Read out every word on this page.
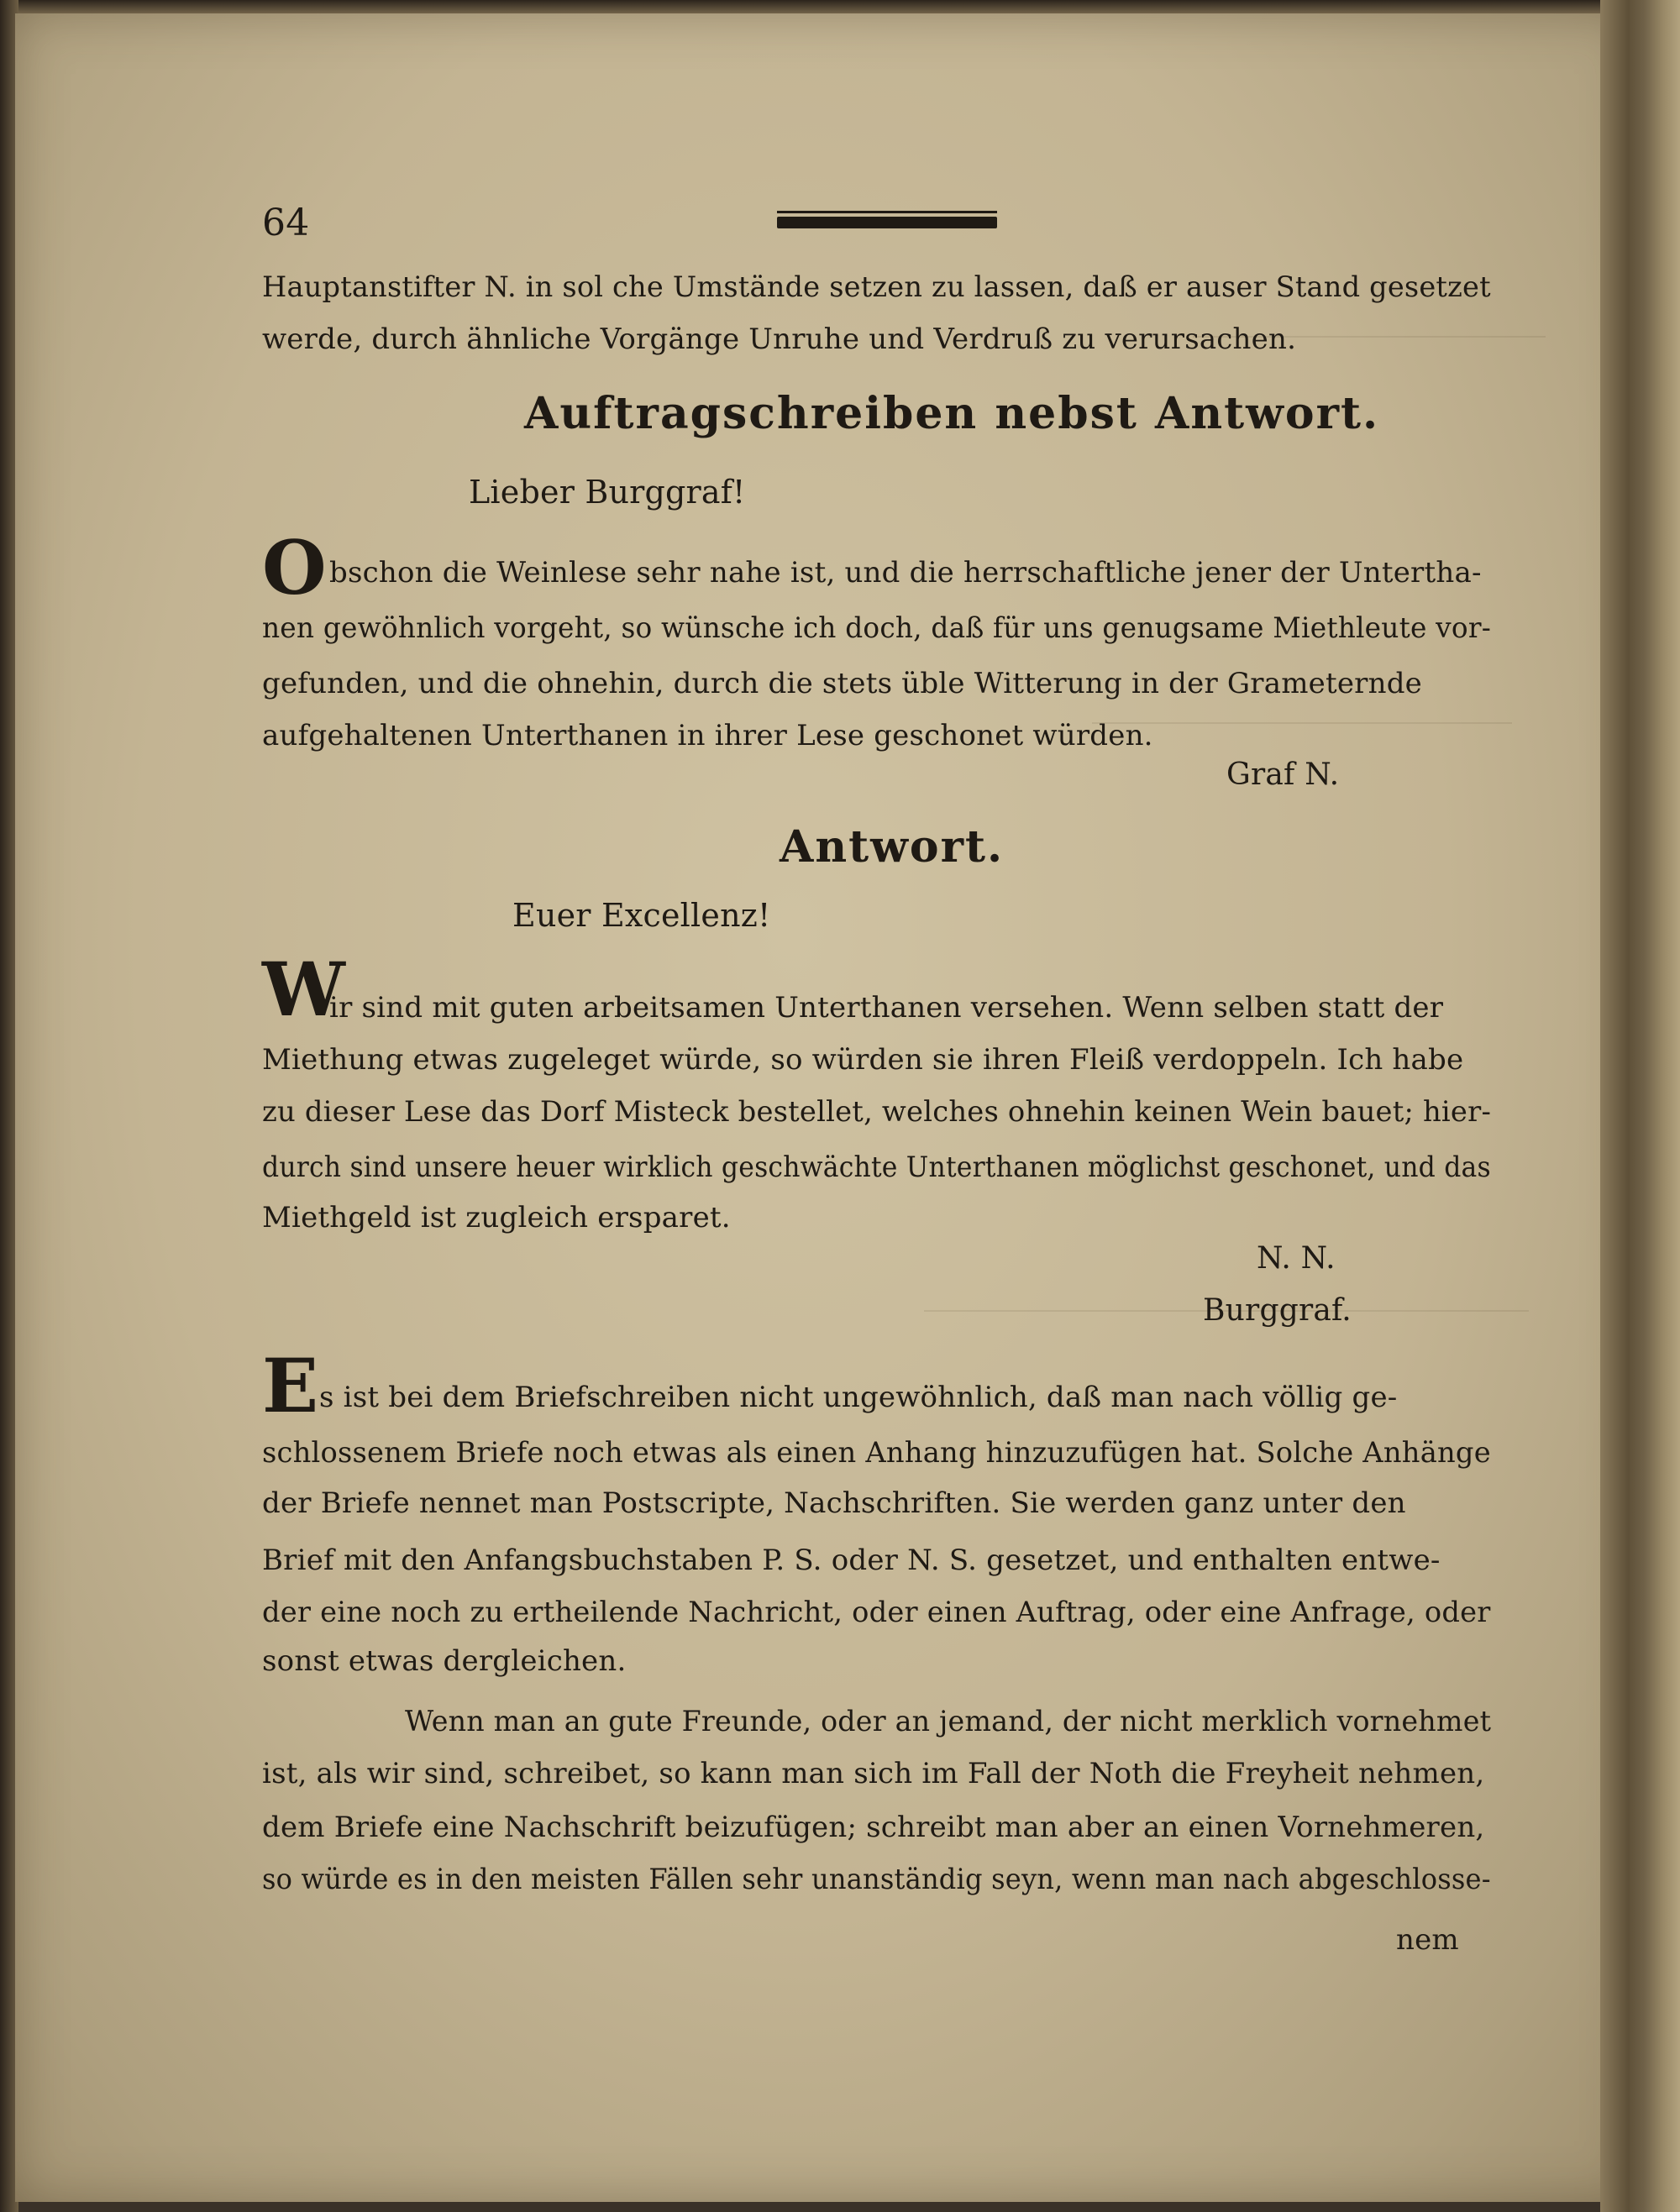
64
Hauptanstifter N. in sol che Umstände setzen zu lassen, daß er auser Stand gesetzet
werde, durch ähnliche Vorgänge Unruhe und Verdruß zu verursachen.
Auftragschreiben nebst Antwort.
Lieber Burggraf!
O bschon die Weinlese sehr nahe ist, und die herrschaftliche jener der Untertha-
nen gewöhnlich vorgeht, so wünsche ich doch, daß für uns genugsame Miethleute vor-
gefunden, und die ohnehin, durch die stets üble Witterung in der Grameternde
aufgehaltenen Unterthanen in ihrer Lese geschonet würden.
Graf N.
Antwort.
Euer Excellenz!
W
ir sind mit guten arbeitsamen Unterthanen versehen. Wenn selben statt der
Miethung etwas zugeleget würde, so würden sie ihren Fleiß verdoppeln. Ich habe
zu dieser Lese das Dorf Misteck bestellet, welches ohnehin keinen Wein bauet; hier-
durch sind unsere heuer wirklich geschwächte Unterthanen möglichst geschonet, und das
Miethgeld ist zugleich ersparet.
N. N.
Burggraf.
E s ist bei dem Briefschreiben nicht ungewöhnlich, daß man nach völlig ge-
schlossenem Briefe noch etwas als einen Anhang hinzuzufügen hat. Solche Anhänge
der Briefe nennet man Postscripte, Nachschriften. Sie werden ganz unter den
Brief mit den Anfangsbuchstaben P. S. oder N. S. gesetzet, und enthalten entwe-
der eine noch zu ertheilende Nachricht, oder einen Auftrag, oder eine Anfrage, oder
sonst etwas dergleichen.
Wenn man an gute Freunde, oder an jemand, der nicht merklich vornehmet
ist, als wir sind, schreibet, so kann man sich im Fall der Noth die Freyheit nehmen,
dem Briefe eine Nachschrift beizufügen; schreibt man aber an einen Vornehmeren,
so würde es in den meisten Fällen sehr unanständig seyn, wenn man nach abgeschlosse-
nem
